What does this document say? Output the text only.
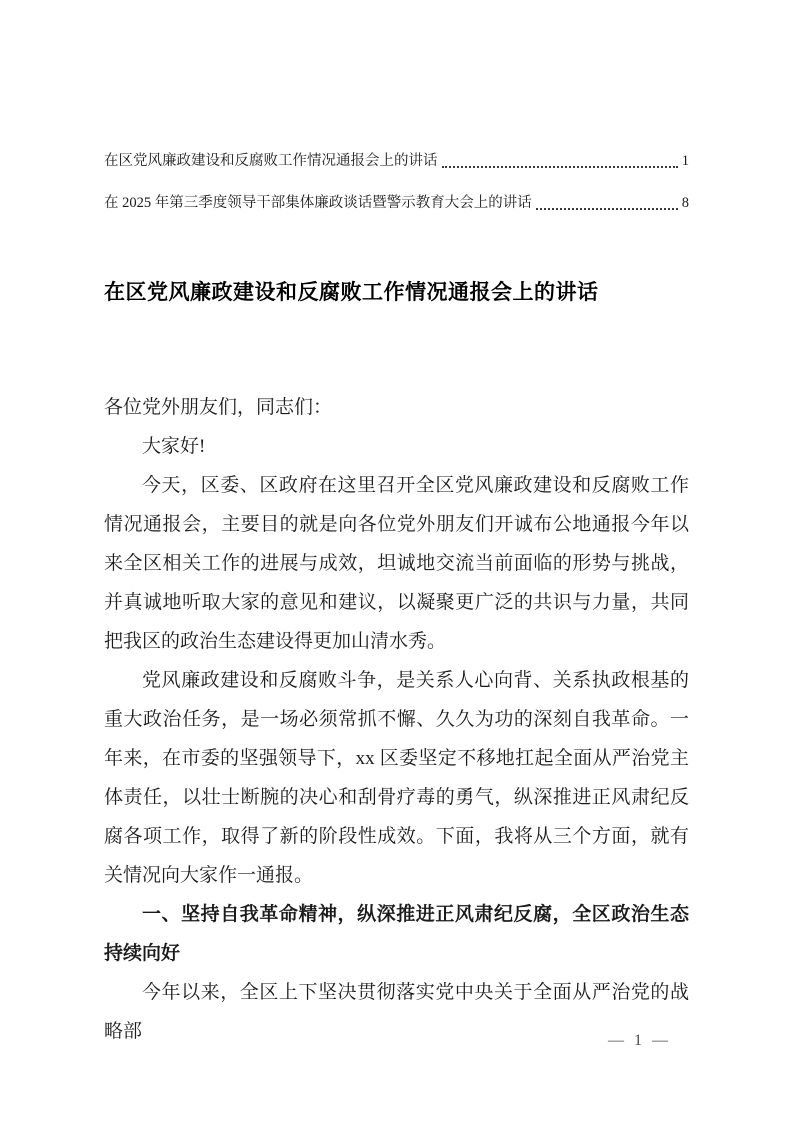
在区党风廉政建设和反腐败工作情况通报会上的讲话	1
在 2025 年第三季度领导干部集体廉政谈话暨警示教育大会上的讲话	8
在区党风廉政建设和反腐败工作情况通报会上的讲话

各位党外朋友们，同志们：

大家好!

今天，区委、区政府在这里召开全区党风廉政建设和反腐败工作情况通报会，主要目的就是向各位党外朋友们开诚布公地通报今年以来全区相关工作的进展与成效，坦诚地交流当前面临的形势与挑战，并真诚地听取大家的意见和建议，以凝聚更广泛的共识与力量，共同把我区的政治生态建设得更加山清水秀。

党风廉政建设和反腐败斗争，是关系人心向背、关系执政根基的重大政治任务，是一场必须常抓不懈、久久为功的深刻自我革命。一年来，在市委的坚强领导下，xx 区委坚定不移地扛起全面从严治党主体责任，以壮士断腕的决心和刮骨疗毒的勇气，纵深推进正风肃纪反腐各项工作，取得了新的阶段性成效。下面，我将从三个方面，就有关情况向大家作一通报。

一、坚持自我革命精神，纵深推进正风肃纪反腐，全区政治生态持续向好

今年以来，全区上下坚决贯彻落实党中央关于全面从严治党的战略部	— 1 —
